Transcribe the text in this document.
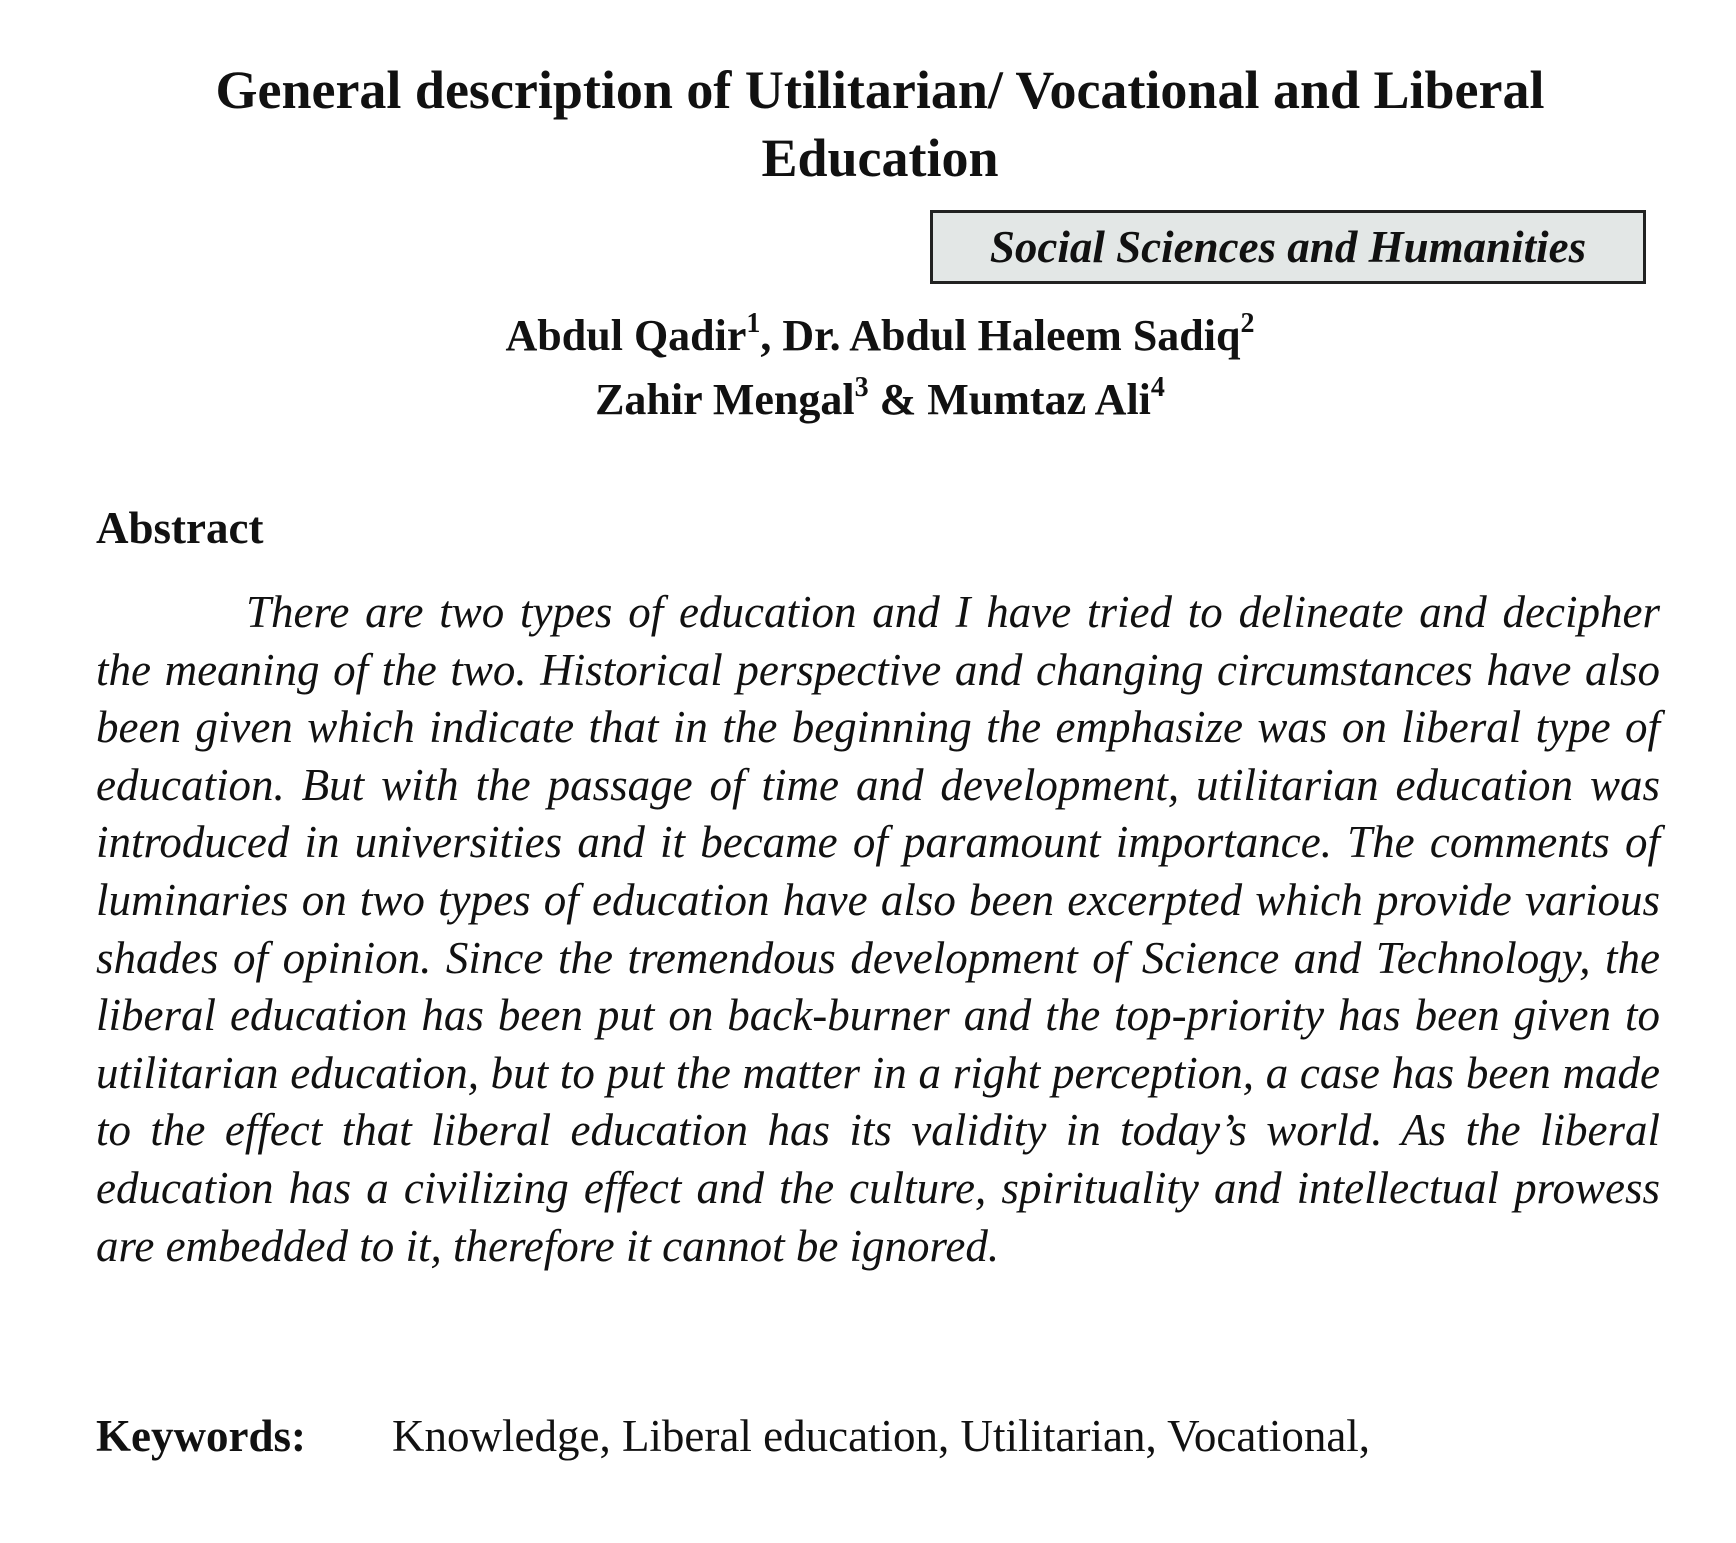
General description of Utilitarian/ Vocational and Liberal
Education
Social Sciences and Humanities
Abdul Qadir$^1$, Dr. Abdul Haleem Sadiq$^2$
Zahir Mengal$^3$ & Mumtaz Ali$^4$
Abstract

There are two types of education and I have tried to delineate and decipher the meaning of the two. Historical perspective and changing circumstances have also been given which indicate that in the beginning the emphasize was on liberal type of education. But with the passage of time and development, utilitarian education was introduced in universities and it became of paramount importance. The comments of luminaries on two types of education have also been excerpted which provide various shades of opinion. Since the tremendous development of Science and Technology, the liberal education has been put on back-burner and the top-priority has been given to utilitarian education, but to put the matter in a right perception, a case has been made to the effect that liberal education has its validity in today’s world. As the liberal education has a civilizing effect and the culture, spirituality and intellectual prowess are embedded to it, therefore it cannot be ignored.

Keywords: Knowledge, Liberal education, Utilitarian, Vocational,
